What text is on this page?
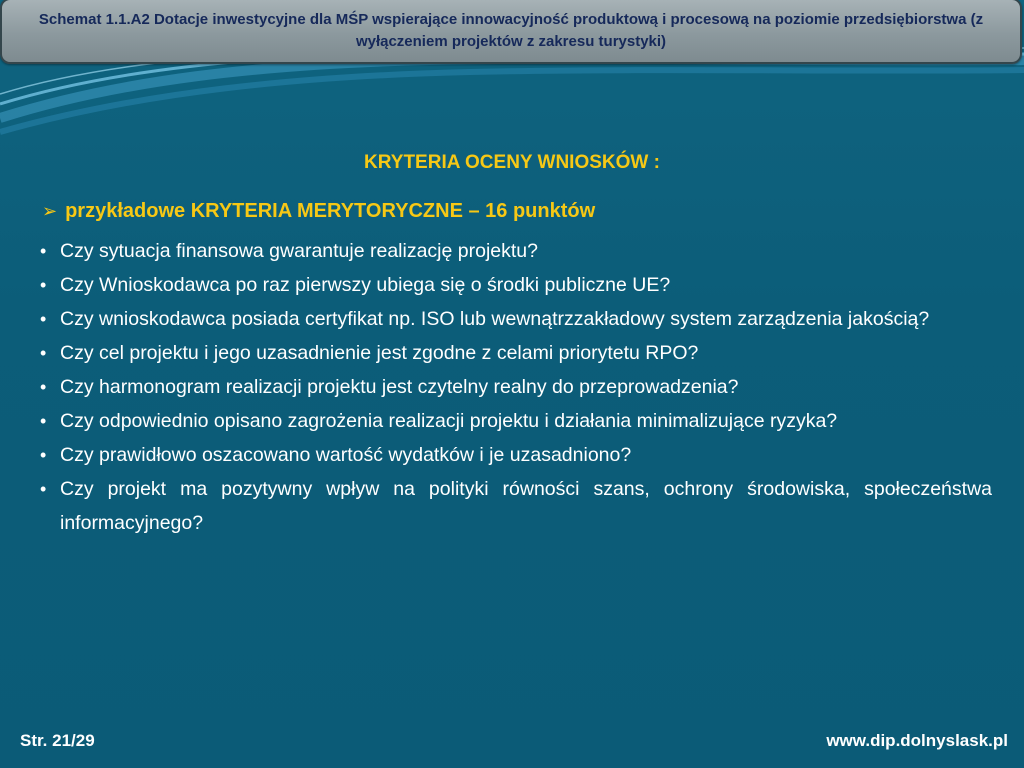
Schemat 1.1.A2 Dotacje inwestycyjne dla MŚP wspierające innowacyjność produktową i procesową na poziomie przedsiębiorstwa (z wyłączeniem projektów z zakresu turystyki)
KRYTERIA OCENY WNIOSKÓW :
➢ przykładowe KRYTERIA MERYTORYCZNE – 16 punktów
• Czy sytuacja finansowa gwarantuje realizację projektu?
• Czy Wnioskodawca po raz pierwszy ubiega się o środki publiczne UE?
• Czy wnioskodawca posiada certyfikat np. ISO lub wewnątrzzakładowy system zarządzenia jakością?
• Czy cel projektu i jego uzasadnienie jest zgodne z celami priorytetu RPO?
• Czy harmonogram realizacji projektu jest czytelny realny do przeprowadzenia?
• Czy odpowiednio opisano zagrożenia realizacji projektu i działania minimalizujące ryzyka?
• Czy prawidłowo oszacowano wartość wydatków i je uzasadniono?
• Czy projekt ma pozytywny wpływ na polityki równości szans, ochrony środowiska, społeczeństwa informacyjnego?
Str. 21/29	www.dip.dolnyslask.pl
